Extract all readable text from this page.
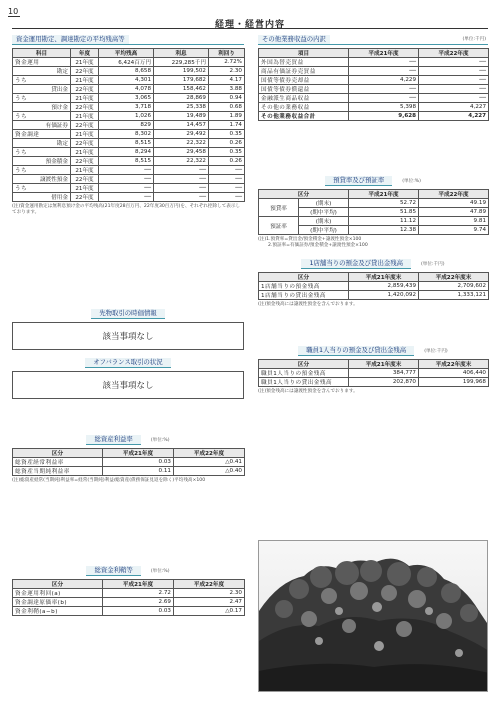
10
経理・経営内容
資金運用勘定、調達勘定の平均残高等
科目	年度	平均残高	利息	利回り
資金運用	21年度	6,424百万円	229,285千円	2.72%
勘定	22年度	8,658	199,502	2.30
うち	21年度	4,301	179,682	4.17
貸出金	22年度	4,078	158,462	3.88
うち	21年度	3,065	28,869	0.94
預け金	22年度	3,718	25,338	0.68
うち	21年度	1,026	19,489	1.89
有価証券	22年度	829	14,457	1.74
資金調達	21年度	8,302	29,492	0.35
勘定	22年度	8,515	22,322	0.26
うち	21年度	8,294	29,458	0.35
預金積金	22年度	8,515	22,322	0.26
うち	21年度	──	──	──
譲渡性預金	22年度	──	──	──
うち	21年度	──	──	──
借用金	22年度	──	──	──
(注)資金運用勘定は無利息預け金の平均残高(21年度28百万円、22年度30百万円)を、それぞれ控除して表示しております。
その他業務収益の内訳	(単位:千円)
項目	平成21年度	平成22年度
外国為替売買益	──	──
商品有価証券売買益	──	──
国債等債券売却益	4,229	──
国債等債券償還益	──	──
金融派生商品収益	──	──
その他の業務収益	5,398	4,227
その他業務収益合計	9,628	4,227
預貸率及び預証率	(単位:%)
区分		平成21年度	平成22年度
預貸率	(期末)	52.72	49.19
	(期中平均)	51.85	47.89
預証率	(期末)	11.12	9.81
	(期中平均)	12.38	9.74
(注)1.預貸率=貸出金/預金積金+譲渡性預金×100
2.預証率=有価証券/預金積金+譲渡性預金×100
1店舗当りの預金及び貸出金残高	(単位:千円)
区分	平成21年度末	平成22年度末
1店舗当りの預金残高	2,859,439	2,709,602
1店舗当りの貸出金残高	1,420,092	1,333,121
(注)預金残高には譲渡性預金を含んでおります。
先物取引の時価情報
該当事項なし
オフバランス取引の状況
該当事項なし
職員1人当りの預金及び貸出金残高	(単位:千円)
区分	平成21年度末	平成22年度末
職員1人当りの預金残高	384,777	406,440
職員1人当りの貸出金残高	202,870	199,968
(注)預金残高には譲渡性預金を含んでおります。
総資産利益率	(単位:%)
区分	平成21年度	平成22年度
総資産経常利益率	0.03	△0.41
総資産当期純利益率	0.11	△0.40
(注)総資産経常(当期純)利益率=経常(当期純)利益/総資産(債務保証見返を除く)平均残高×100
総資金利鞘等	(単位:%)
区分	平成21年度	平成22年度
資金運用利回(a)	2.72	2.30
資金調達原価率(b)	2.69	2.47
資金利鞘(a−b)	0.03	△0.17
